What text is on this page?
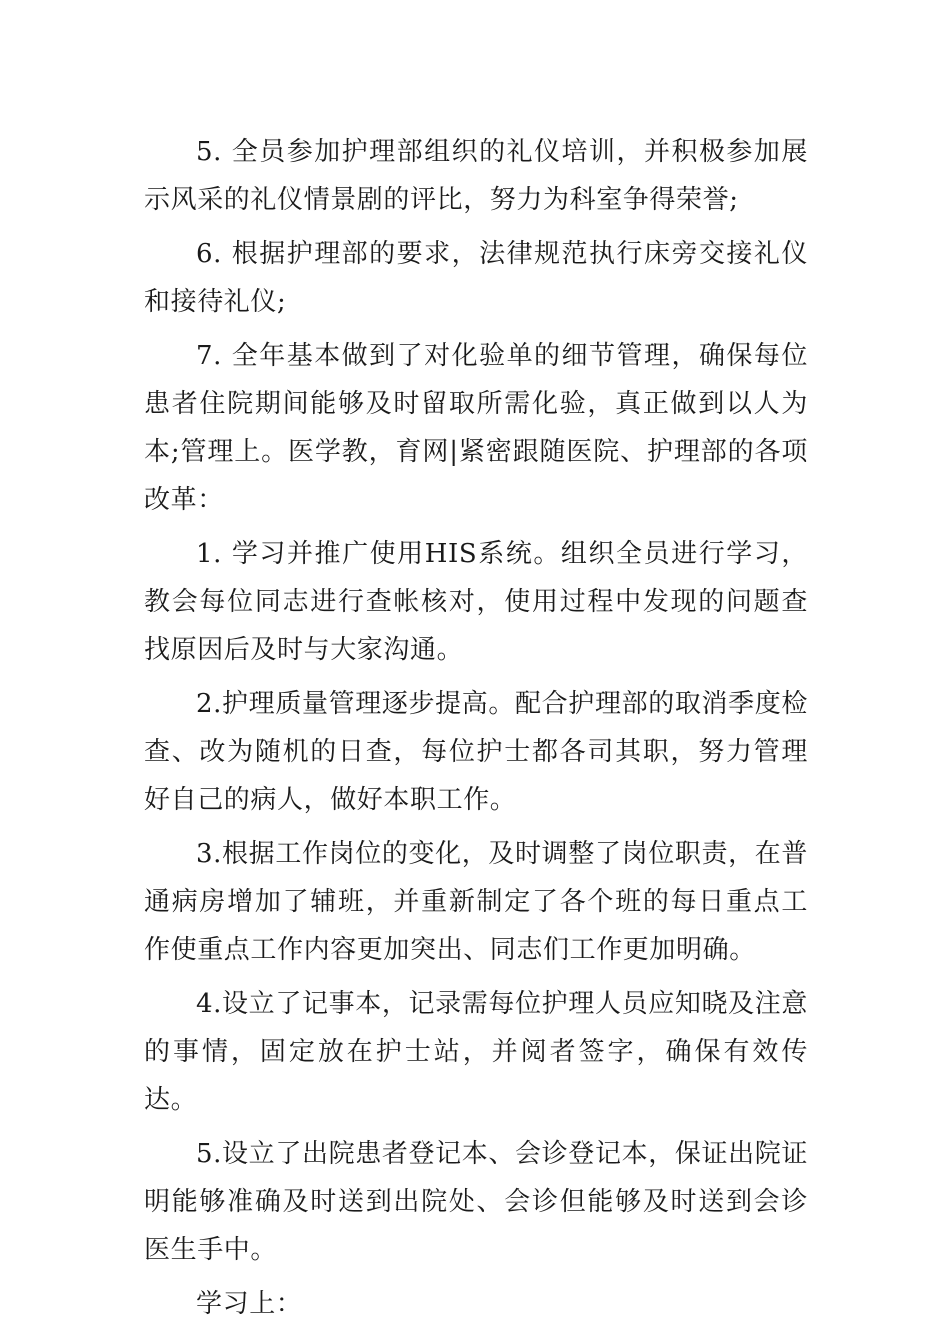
5. 全员参加护理部组织的礼仪培训，并积极参加展示风采的礼仪情景剧的评比，努力为科室争得荣誉;

6. 根据护理部的要求，法律规范执行床旁交接礼仪和接待礼仪;

7. 全年基本做到了对化验单的细节管理，确保每位患者住院期间能够及时留取所需化验，真正做到以人为本;管理上。医学教，育网|紧密跟随医院、护理部的各项改革：

1. 学习并推广使用HIS系统。组织全员进行学习，教会每位同志进行查帐核对，使用过程中发现的问题查找原因后及时与大家沟通。

2.护理质量管理逐步提高。配合护理部的取消季度检查、改为随机的日查，每位护士都各司其职，努力管理好自己的病人，做好本职工作。

3.根据工作岗位的变化，及时调整了岗位职责，在普通病房增加了辅班，并重新制定了各个班的每日重点工作使重点工作内容更加突出、同志们工作更加明确。

4.设立了记事本，记录需每位护理人员应知晓及注意的事情，固定放在护士站，并阅者签字，确保有效传达。

5.设立了出院患者登记本、会诊登记本，保证出院证明能够准确及时送到出院处、会诊但能够及时送到会诊医生手中。

学习上：
